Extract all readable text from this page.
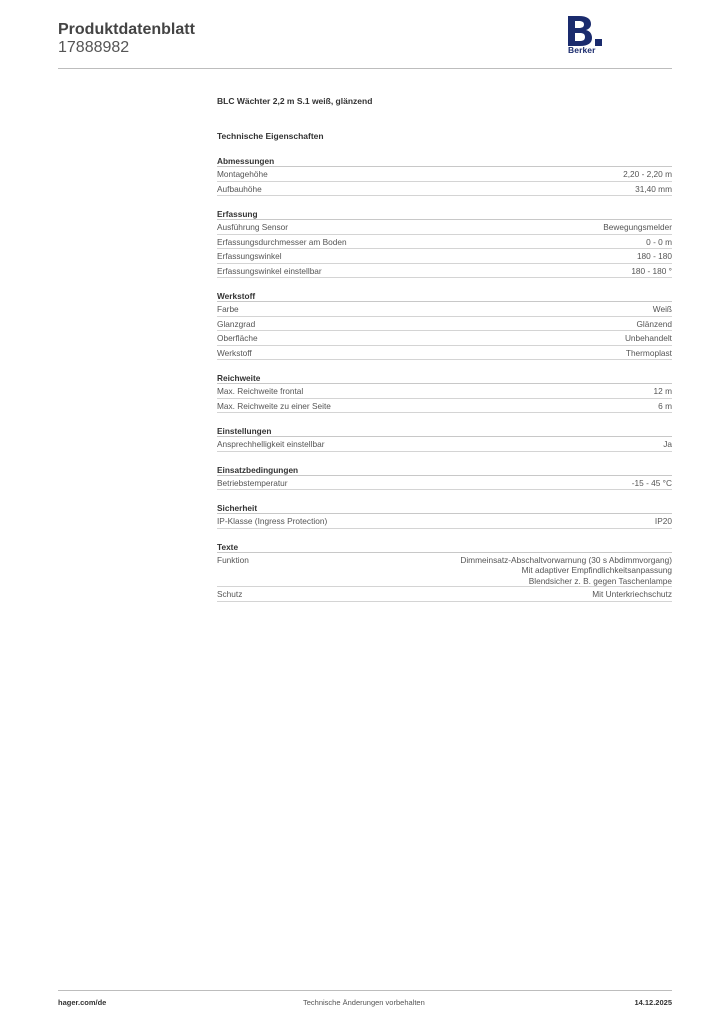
Produktdatenblatt
17888982	Berker
BLC Wächter 2,2 m S.1 weiß, glänzend
Technische Eigenschaften
Abmessungen
Montagehöhe	2,20 - 2,20 m
Aufbauhöhe	31,40 mm
Erfassung
Ausführung Sensor	Bewegungsmelder
Erfassungsdurchmesser am Boden	0 - 0 m
Erfassungswinkel	180 - 180
Erfassungswinkel einstellbar	180 - 180 °
Werkstoff
Farbe	Weiß
Glanzgrad	Glänzend
Oberfläche	Unbehandelt
Werkstoff	Thermoplast
Reichweite
Max. Reichweite frontal	12 m
Max. Reichweite zu einer Seite	6 m
Einstellungen
Ansprechhelligkeit einstellbar	Ja
Einsatzbedingungen
Betriebstemperatur	-15 - 45 °C
Sicherheit
IP-Klasse (Ingress Protection)	IP20
Texte
Funktion	Dimmeinsatz-Abschaltvorwarnung (30 s Abdimmvorgang)
Mit adaptiver Empfindlichkeitsanpassung
Blendsicher z. B. gegen Taschenlampe
Schutz	Mit Unterkriechschutz
hager.com/de	Technische Änderungen vorbehalten	14.12.2025
